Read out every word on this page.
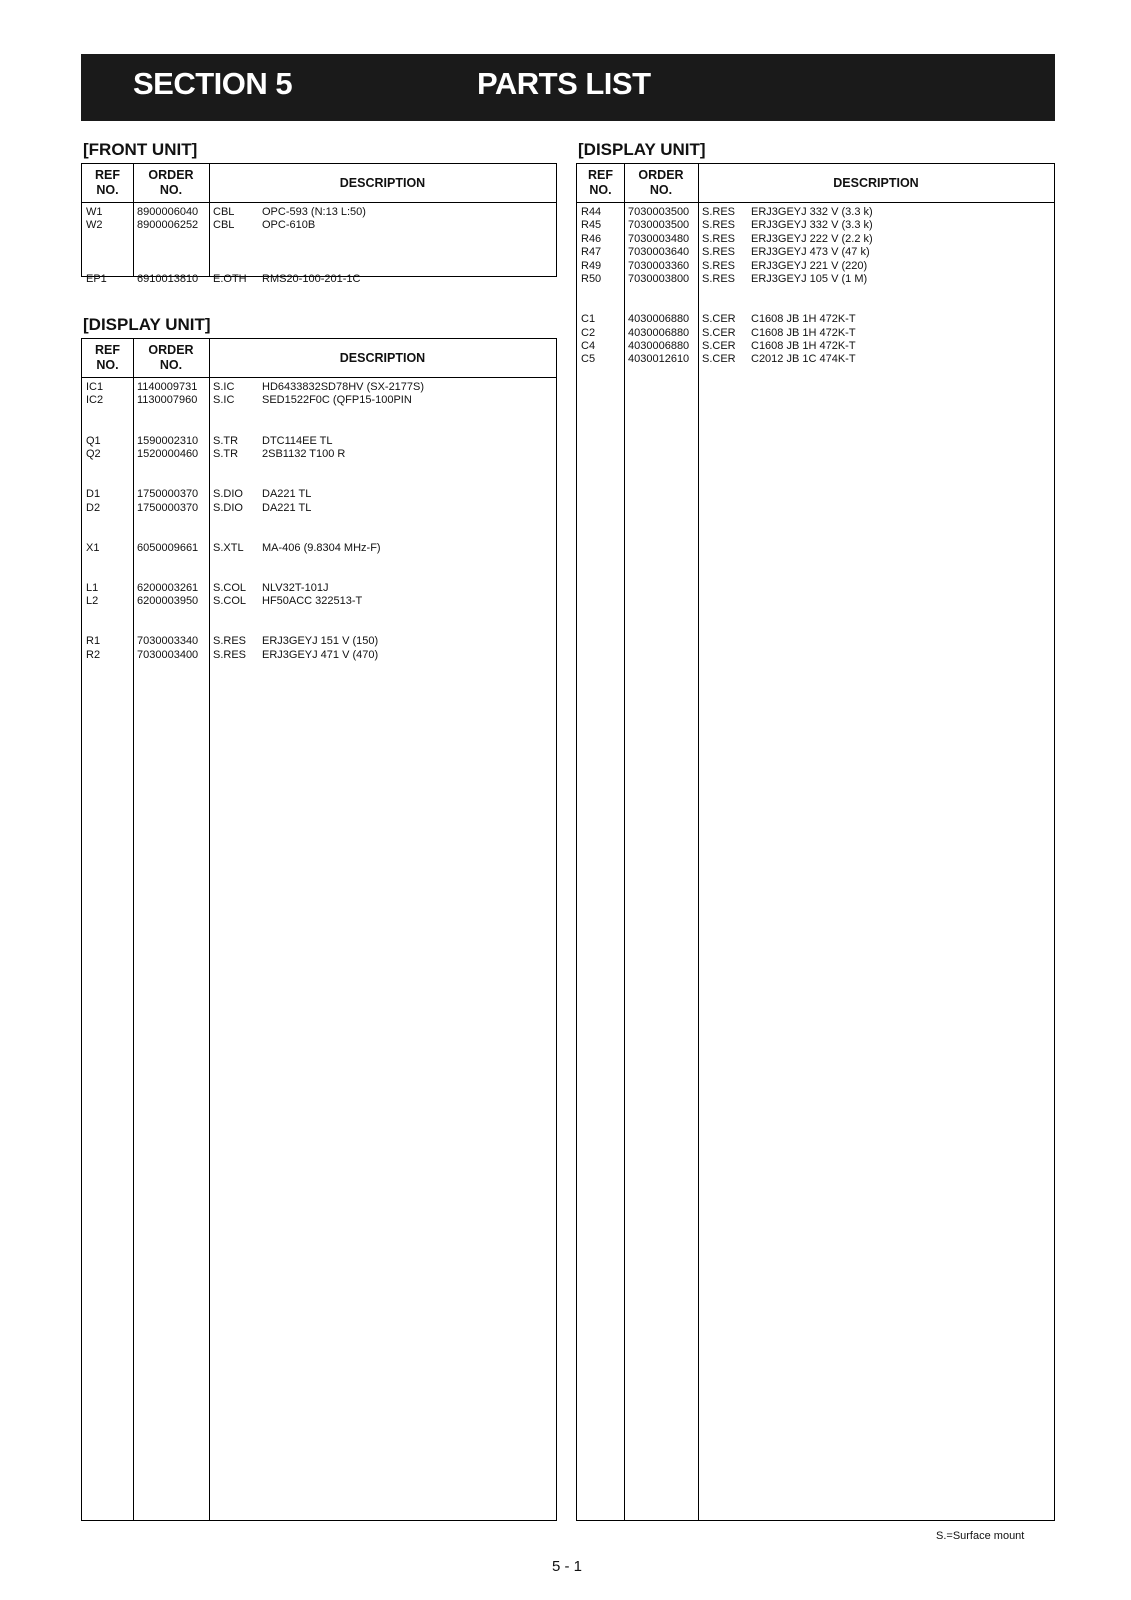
SECTION 5	PARTS LIST
[FRONT UNIT]
REF
NO.
ORDER
NO.
DESCRIPTION
W1	8900006040 CBL	OPC-593 (N:13 L:50)
W2	8900006252 CBL	OPC-610B
EP1	6910013810 E.OTH RMS20-100-201-1C
[DISPLAY UNIT]
REF
NO.
ORDER
NO.
DESCRIPTION
IC1	1140009731 S.IC	HD6433832SD78HV (SX-2177S)
IC2	1130007960 S.IC	SED1522F0C (QFP15-100PIN
Q1	1590002310 S.TR DTC114EE TL
Q2	1520000460 S.TR 2SB1132 T100 R
D1	1750000370 S.DIO DA221 TL
D2	1750000370 S.DIO DA221 TL
X1	6050009661 S.XTL MA-406 (9.8304 MHz-F)
L1	6200003261 S.COL NLV32T-101J
L2	6200003950 S.COL HF50ACC 322513-T
R1	7030003340 S.RES ERJ3GEYJ 151 V (150)
R2	7030003400 S.RES ERJ3GEYJ 471 V (470)
[DISPLAY UNIT]
REF
NO.
ORDER
NO.
DESCRIPTION
R44 7030003500 S.RES ERJ3GEYJ 332 V (3.3 k)
R45 7030003500 S.RES ERJ3GEYJ 332 V (3.3 k)
R46 7030003480 S.RES ERJ3GEYJ 222 V (2.2 k)
R47 7030003640 S.RES ERJ3GEYJ 473 V (47 k)
R49 7030003360 S.RES ERJ3GEYJ 221 V (220)
R50 7030003800 S.RES ERJ3GEYJ 105 V (1 M)
C1	4030006880 S.CER C1608 JB 1H 472K-T
C2	4030006880 S.CER C1608 JB 1H 472K-T
C4	4030006880 S.CER C1608 JB 1H 472K-T
C5	4030012610 S.CER C2012 JB 1C 474K-T
S.=Surface mount
5 - 1
